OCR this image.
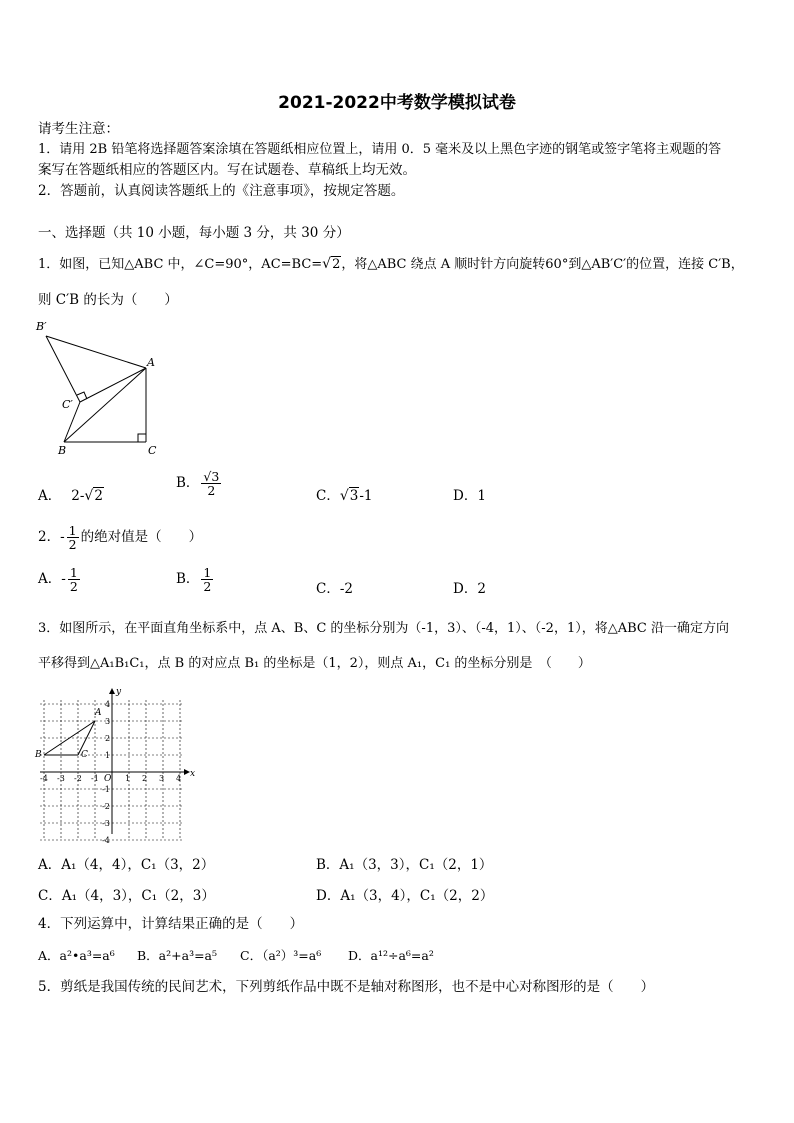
2021-2022中考数学模拟试卷
请考生注意：
1．请用 2B 铅笔将选择题答案涂填在答题纸相应位置上，请用 0．5 毫米及以上黑色字迹的钢笔或签字笔将主观题的答
案写在答题纸相应的答题区内。写在试题卷、草稿纸上均无效。
2．答题前，认真阅读答题纸上的《注意事项》，按规定答题。
一、选择题（共 10 小题，每小题 3 分，共 30 分）
1．如图，已知△ABC 中，∠C=90°，AC=BC=√2，将△ABC 绕点 A 顺时针方向旋转60°到△AB′C′的位置，连接 C′B，
则 C′B 的长为（　　）
B′
A
C′
B	C
A． 2-√2
B． $\frac{√3}{2}$	C．√3-1	D．1
2．- $\frac{1}{2}$ 的绝对值是（　　）
A．- $\frac{1}{2}$	B． $\frac{1}{2}$	C．-2	D．2
3．如图所示，在平面直角坐标系中，点 A、B、C 的坐标分别为（-1，3）、（-4，1）、（-2，1），将△ABC 沿一确定方向
平移得到△A₁B₁C₁，点 B 的对应点 B₁ 的坐标是（1，2），则点 A₁，C₁ 的坐标分别是　（　　）
x
y
O
A
B	C
-4 -3 -2 -1	1 2 3 4
4
3
2
1
-1
-2
-3
-4
A．A₁（4，4），C₁（3，2）	B．A₁（3，3），C₁（2，1）
C．A₁（4，3），C₁（2，3）	D．A₁（3，4），C₁（2，2）
4．下列运算中，计算结果正确的是（　　）
A．a²•a³=a⁶ B．a²+a³=a⁵ C．（a²）³=a⁶ D．a¹²÷a⁶=a²
5．剪纸是我国传统的民间艺术，下列剪纸作品中既不是轴对称图形，也不是中心对称图形的是（　　）
